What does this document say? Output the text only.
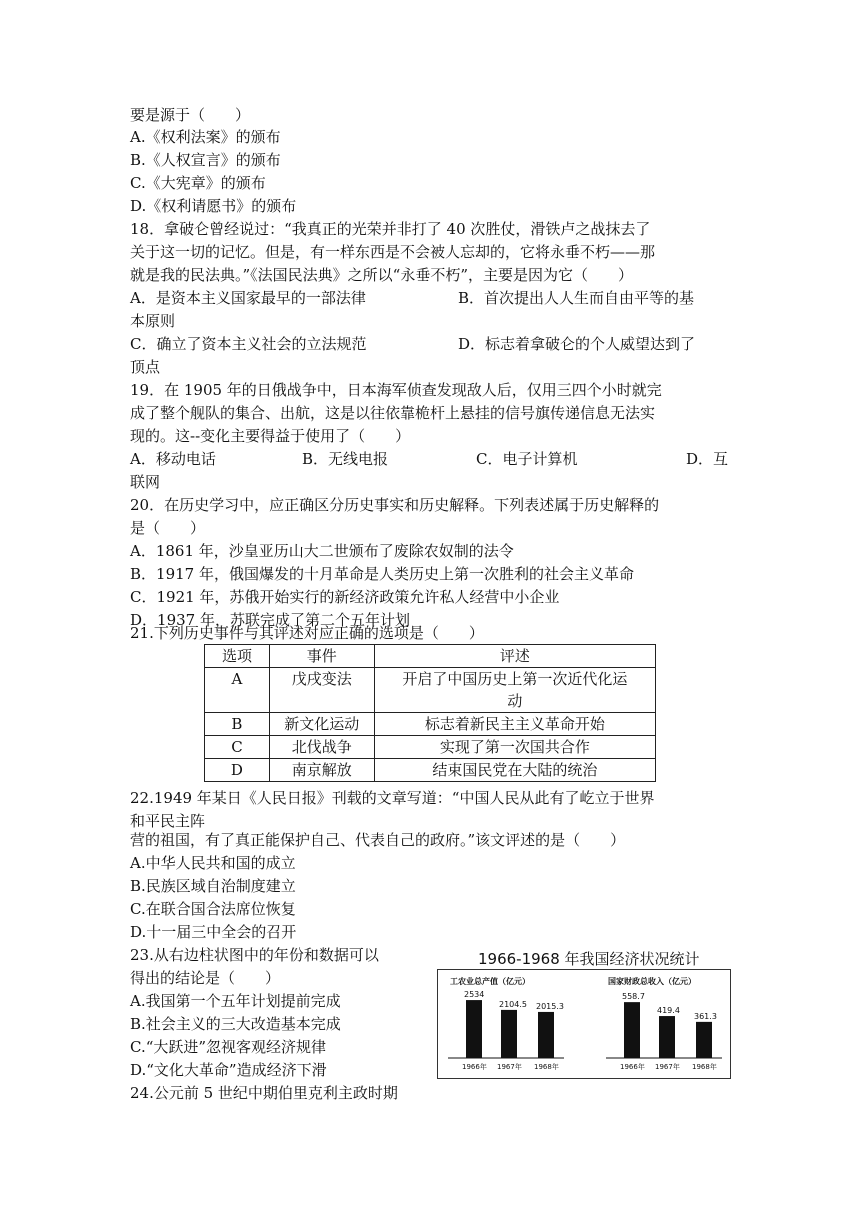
要是源于（　　）
A.《权利法案》的颁布
B.《人权宣言》的颁布
C.《大宪章》的颁布
D.《权利请愿书》的颁布
18．拿破仑曾经说过：“我真正的光荣并非打了 40 次胜仗，滑铁卢之战抹去了
关于这一切的记忆。但是，有一样东西是不会被人忘却的，它将永垂不朽——那
就是我的民法典。”《法国民法典》之所以“永垂不朽”，主要是因为它（　　）
A．是资本主义国家最早的一部法律	B．首次提出人人生而自由平等的基
本原则
C．确立了资本主义社会的立法规范	D．标志着拿破仑的个人威望达到了
顶点
19．在 1905 年的日俄战争中，日本海军侦查发现敌人后，仅用三四个小时就完
成了整个舰队的集合、出航，这是以往依靠桅杆上悬挂的信号旗传递信息无法实
现的。这--变化主要得益于使用了（　　）
A．移动电话	B．无线电报	C．电子计算机	D．互
联网
20．在历史学习中，应正确区分历史事实和历史解释。下列表述属于历史解释的
是（　　）
A．1861 年，沙皇亚历山大二世颁布了废除农奴制的法令
B．1917 年，俄国爆发的十月革命是人类历史上第一次胜利的社会主义革命
C．1921 年，苏俄开始实行的新经济政策允许私人经营中小企业
D．1937 年，苏联完成了第二个五年计划
21.下列历史事件与其评述对应正确的选项是（　　）
选项	事件	评述
A	戊戌变法	开启了中国历史上第一次近代化运
动

B	新文化运动	标志着新民主主义革命开始
C	北伐战争	实现了第一次国共合作
D	南京解放	结束国民党在大陆的统治
22.1949 年某日《人民日报》刊载的文章写道：“中国人民从此有了屹立于世界
和平民主阵
营的祖国，有了真正能保护自己、代表自己的政府。”该文评述的是（　　）
A.中华人民共和国的成立
B.民族区域自治制度建立
C.在联合国合法席位恢复
D.十一届三中全会的召开
23.从右边柱状图中的年份和数据可以
得出的结论是（　　）
A.我国第一个五年计划提前完成
B.社会主义的三大改造基本完成
C.“大跃进”忽视客观经济规律
D.“文化大革命”造成经济下滑
24.公元前 5 世纪中期伯里克利主政时期
1966-1968 年我国经济状况统计
工农业总产值（亿元）
2534
1966年
2104.5
1967年
2015.3
1968年
国家财政总收入（亿元）
558.7
1966年
419.4
1967年
361.3
1968年
